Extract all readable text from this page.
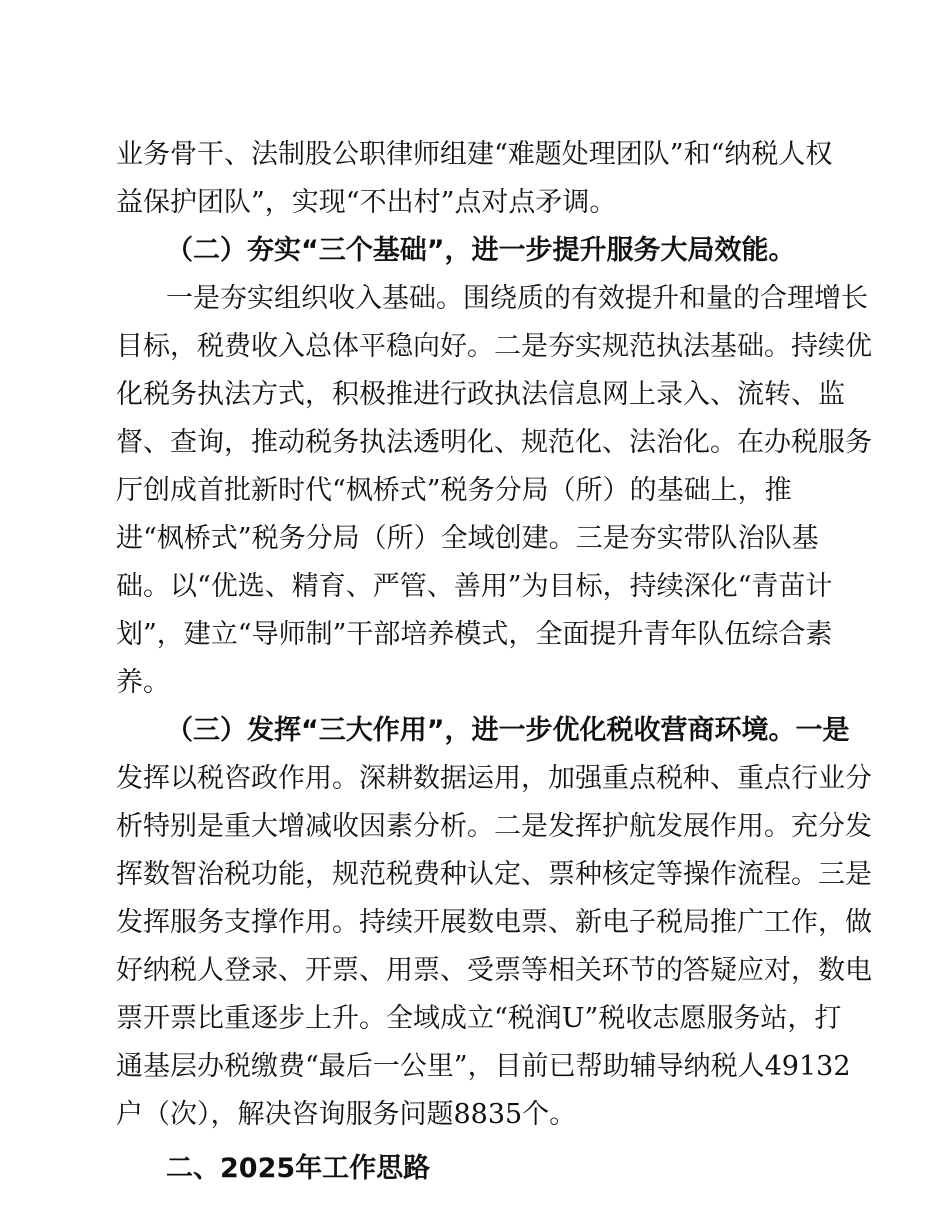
业务骨干、法制股公职律师组建“难题处理团队”和“纳税人权

益保护团队”，实现“不出村”点对点矛调。

（二）夯实“三个基础”，进一步提升服务大局效能。

一是夯实组织收入基础。围绕质的有效提升和量的合理增长

目标，税费收入总体平稳向好。二是夯实规范执法基础。持续优

化税务执法方式，积极推进行政执法信息网上录入、流转、监

督、查询，推动税务执法透明化、规范化、法治化。在办税服务

厅创成首批新时代“枫桥式”税务分局（所）的基础上，推

进“枫桥式”税务分局（所）全域创建。三是夯实带队治队基

础。以“优选、精育、严管、善用”为目标，持续深化“青苗计

划”，建立“导师制”干部培养模式，全面提升青年队伍综合素

养。

（三）发挥“三大作用”，进一步优化税收营商环境。一是

发挥以税咨政作用。深耕数据运用，加强重点税种、重点行业分

析特别是重大增减收因素分析。二是发挥护航发展作用。充分发

挥数智治税功能，规范税费种认定、票种核定等操作流程。三是

发挥服务支撑作用。持续开展数电票、新电子税局推广工作，做

好纳税人登录、开票、用票、受票等相关环节的答疑应对，数电

票开票比重逐步上升。全域成立“税润U”税收志愿服务站，打

通基层办税缴费“最后一公里”，目前已帮助辅导纳税人49132

户（次），解决咨询服务问题8835个。

二、2025年工作思路
